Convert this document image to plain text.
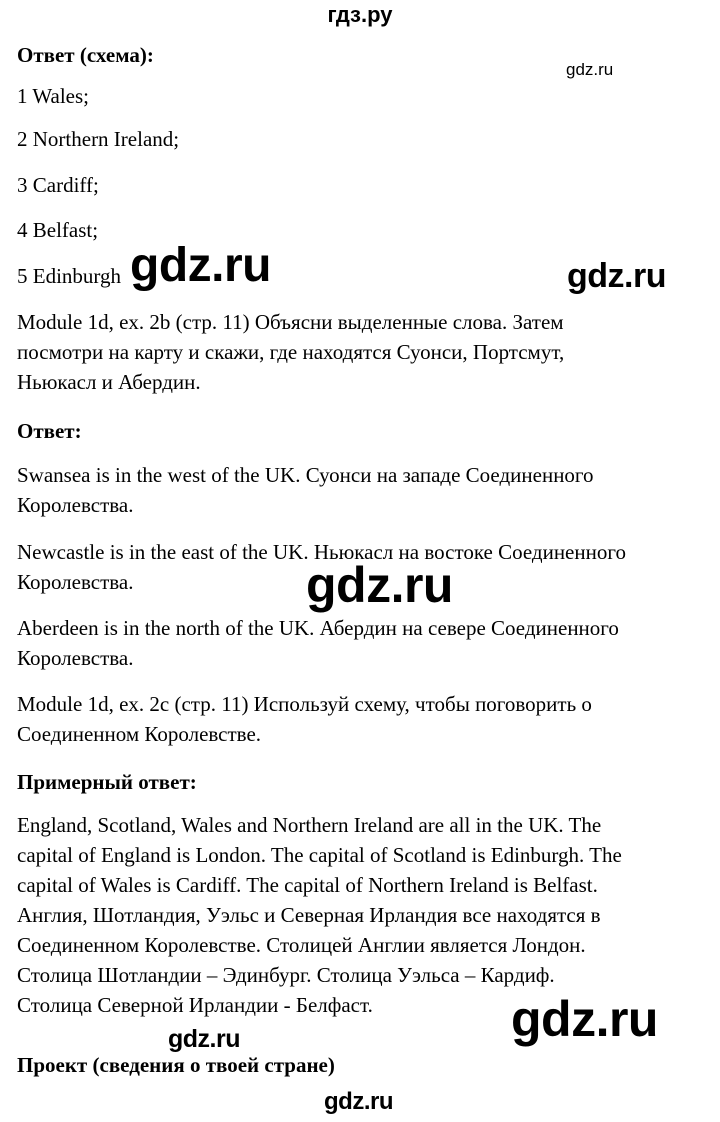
гдз.ру
gdz.ru
gdz.ru	gdz.ru
gdz.ru
gdz.ru
gdz.ru
gdz.ru
Ответ (схема):
1 Wales;
2 Northern Ireland;
3 Cardiff;
4 Belfast;
5 Edinburgh
Module 1d, ex. 2b (стр. 11) Объясни выделенные слова. Затем
посмотри на карту и скажи, где находятся Суонси, Портсмут,
Ньюкасл и Абердин.
Ответ:
Swansea is in the west of the UK. Суонси на западе Соединенного
Королевства.
Newcastle is in the east of the UK. Ньюкасл на востоке Соединенного
Королевства.
Aberdeen is in the north of the UK. Абердин на севере Соединенного
Королевства.
Module 1d, ex. 2c (стр. 11) Используй схему, чтобы поговорить о
Соединенном Королевстве.
Примерный ответ:
England, Scotland, Wales and Northern Ireland are all in the UK. The
capital of England is London. The capital of Scotland is Edinburgh. The
capital of Wales is Cardiff. The capital of Northern Ireland is Belfast.
Англия, Шотландия, Уэльс и Северная Ирландия все находятся в
Соединенном Королевстве. Столицей Англии является Лондон.
Столица Шотландии – Эдинбург. Столица Уэльса – Кардиф.
Столица Северной Ирландии - Белфаст.
Проект (сведения о твоей стране)
